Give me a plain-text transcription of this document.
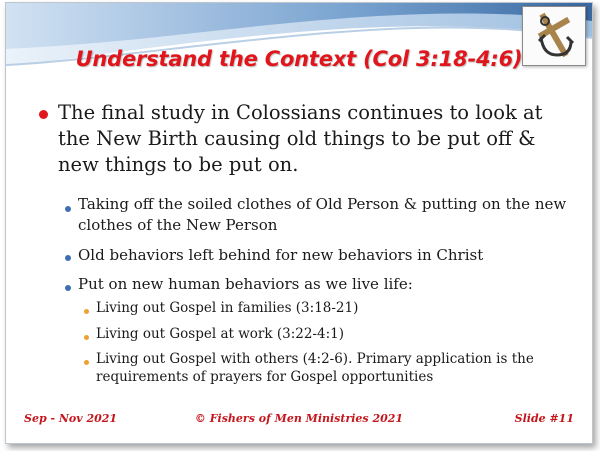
Understand the Context (Col 3:18-4:6)
The final study in Colossians continues to look at the New Birth causing old things to be put off & new things to be put on.
Taking off the soiled clothes of Old Person & putting on the new clothes of the New Person
Old behaviors left behind for new behaviors in Christ
Put on new human behaviors as we live life:
Living out Gospel in families (3:18-21)
Living out Gospel at work (3:22-4:1)
Living out Gospel with others (4:2-6). Primary application is the requirements of prayers for Gospel opportunities
Sep - Nov 2021	© Fishers of Men Ministries 2021	Slide #11
